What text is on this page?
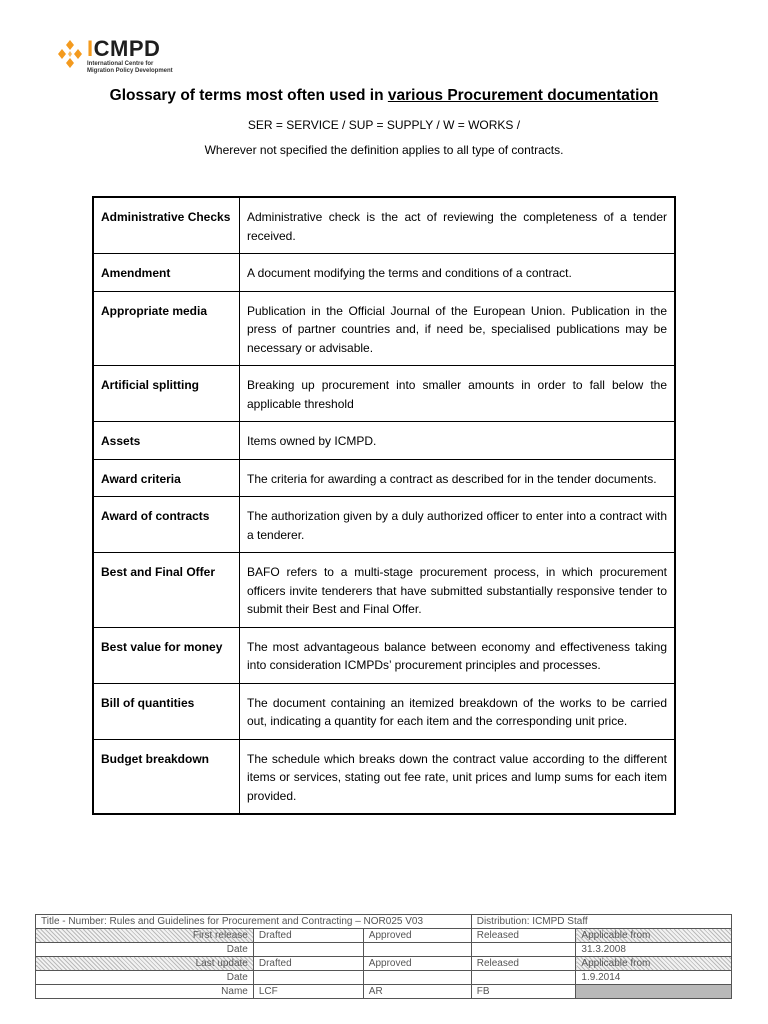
ICMPD
International Centre for
Migration Policy Development
Glossary of terms most often used in various Procurement documentation
SER = SERVICE / SUP = SUPPLY / W = WORKS /
Wherever not specified the definition applies to all type of contracts.
Administrative Checks	Administrative check is the act of reviewing the completeness of a tender received.
Amendment	A document modifying the terms and conditions of a contract.
Appropriate media	Publication in the Official Journal of the European Union. Publication in the press of partner countries and, if need be, specialised publications may be necessary or advisable.
Artificial splitting	Breaking up procurement into smaller amounts in order to fall below the applicable threshold
Assets	Items owned by ICMPD.
Award criteria	The criteria for awarding a contract as described for in the tender documents.
Award of contracts	The authorization given by a duly authorized officer to enter into a contract with a tenderer.
Best and Final Offer	BAFO refers to a multi-stage procurement process, in which procurement officers invite tenderers that have submitted substantially responsive tender to submit their Best and Final Offer.
Best value for money	The most advantageous balance between economy and effectiveness taking into consideration ICMPDs’ procurement principles and processes.
Bill of quantities	The document containing an itemized breakdown of the works to be carried out, indicating a quantity for each item and the corresponding unit price.
Budget breakdown	The schedule which breaks down the contract value according to the different items or services, stating out fee rate, unit prices and lump sums for each item provided.
Title - Number: Rules and Guidelines for Procurement and Contracting – NOR025 V03			Distribution: ICMPD Staff	
First release	Drafted	Approved	Released	Applicable from
Date				31.3.2008
Last update	Drafted	Approved	Released	Applicable from
Date				1.9.2014
Name	LCF	AR	FB	
